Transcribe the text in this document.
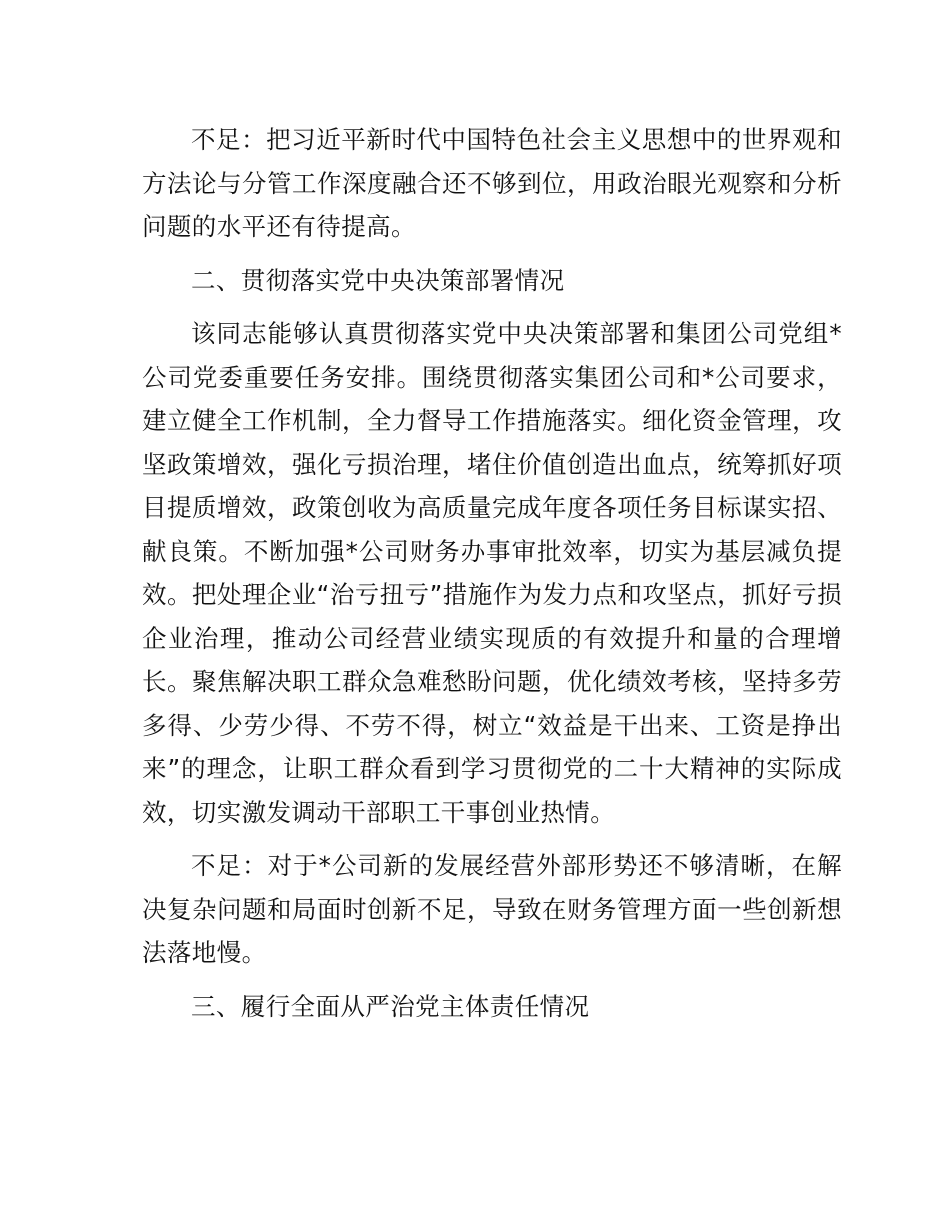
不足：把习近平新时代中国特色社会主义思想中的世界观和方法论与分管工作深度融合还不够到位，用政治眼光观察和分析问题的水平还有待提高。

二、贯彻落实党中央决策部署情况

该同志能够认真贯彻落实党中央决策部署和集团公司党组*公司党委重要任务安排。围绕贯彻落实集团公司和*公司要求，建立健全工作机制，全力督导工作措施落实。细化资金管理，攻坚政策增效，强化亏损治理，堵住价值创造出血点，统筹抓好项目提质增效，政策创收为高质量完成年度各项任务目标谋实招、献良策。不断加强*公司财务办事审批效率，切实为基层减负提效。把处理企业“治亏扭亏”措施作为发力点和攻坚点，抓好亏损企业治理，推动公司经营业绩实现质的有效提升和量的合理增长。聚焦解决职工群众急难愁盼问题，优化绩效考核，坚持多劳多得、少劳少得、不劳不得，树立“效益是干出来、工资是挣出来”的理念，让职工群众看到学习贯彻党的二十大精神的实际成效，切实激发调动干部职工干事创业热情。

不足：对于*公司新的发展经营外部形势还不够清晰，在解决复杂问题和局面时创新不足，导致在财务管理方面一些创新想法落地慢。

三、履行全面从严治党主体责任情况
